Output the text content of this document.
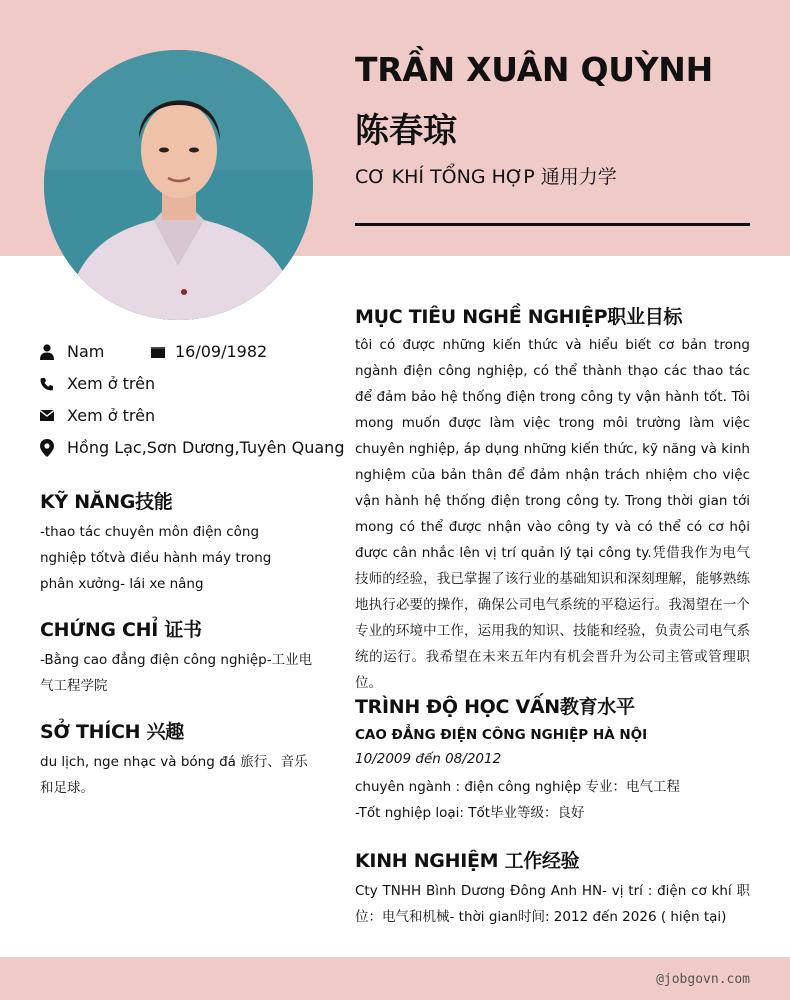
TRẦN XUÂN QUỲNH
陈春琼
CƠ KHÍ TỔNG HỢP 通用力学
Nam	16/09/1982
Xem ở trên
Xem ở trên
Hồng Lạc,Sơn Dương,Tuyên Quang
KỸ NĂNG技能
-thao tác chuyên môn điện công nghiệp tốtvà điều hành máy trong phân xưởng- lái xe nâng
CHỨNG CHỈ 证书
-Bằng cao đẳng điện công nghiệp-工业电气工程学院
SỞ THÍCH 兴趣
du lịch, nge nhạc và bóng đá 旅行、音乐和足球。
MỤC TIÊU NGHỀ NGHIỆP职业目标
tôi có được những kiến thức và hiểu biết cơ bản trong ngành điện công nghiệp, có thể thành thạo các thao tác để đảm bảo hệ thống điện trong công ty vận hành tốt. Tôi mong muốn được làm việc trong môi trường làm việc chuyên nghiệp, áp dụng những kiến thức, kỹ năng và kinh nghiệm của bản thân để đảm nhận trách nhiệm cho việc vận hành hệ thống điện trong công ty. Trong thời gian tới mong có thể được nhận vào công ty và có thể có cơ hội được cân nhắc lên vị trí quản lý tại công ty.凭借我作为电气技师的经验，我已掌握了该行业的基础知识和深刻理解，能够熟练地执行必要的操作，确保公司电气系统的平稳运行。我渴望在一个专业的环境中工作，运用我的知识、技能和经验，负责公司电气系统的运行。我希望在未来五年内有机会晋升为公司主管或管理职位。
TRÌNH ĐỘ HỌC VẤN教育水平
CAO ĐẲNG ĐIỆN CÔNG NGHIỆP HÀ NỘI
10/2009 đến 08/2012
chuyên ngành : điện công nghiệp 专业：电气工程
-Tốt nghiệp loại: Tốt毕业等级：良好
KINH NGHIỆM 工作经验
Cty TNHH Bình Dương Đông Anh HN- vị trí : điện cơ khí 职位：电气和机械- thời gian时间: 2012 đến 2026 ( hiện tại)
@jobgovn.com
